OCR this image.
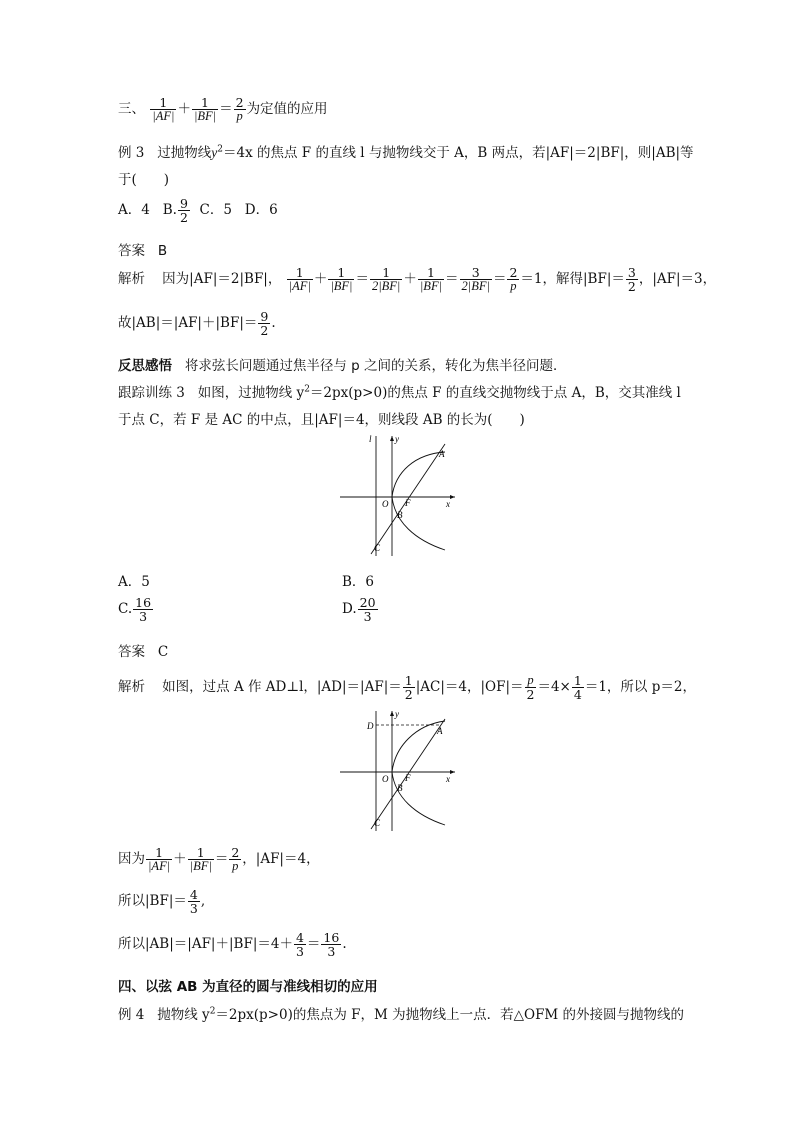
三、 $\frac{1}{|AF|} + \frac{1}{|BF|} = \frac{2}{p}$ 为定值的应用
例 3 过抛物线$y^2=4x$ 的焦点 F 的直线 l 与抛物线交于 A，B 两点，若|AF|＝2|BF|，则|AB|等
于(　　)
A．4 B. $\frac{9}{2}$ C．5 D．6
答案 B
解析 因为|AF|＝2|BF|， $\frac{1}{|AF|} + \frac{1}{|BF|} = \frac{1}{2|BF|} + \frac{1}{|BF|} = \frac{3}{2|BF|} = \frac{2}{p} =1$，解得$|BF|= \frac{3}{2}$ ，|AF|＝3，
故$|AB|=|AF|+|BF|= \frac{9}{2}$ .
反思感悟 将求弦长问题通过焦半径与 p 之间的关系，转化为焦半径问题．
跟踪训练 3 如图，过抛物线 $y^2=2px(p>0)$的焦点 F 的直线交抛物线于点 A，B，交其准线 l
于点 C，若 F 是 AC 的中点，且|AF|＝4，则线段 AB 的长为(　　)
l	y
x
O F
A
B
C
A．5	B．6
C. $\frac{16}{3}$	D. $\frac{20}{3}$
答案 C
解析 如图，过点 A 作 AD⊥l，$|AD|=|AF|= \frac{1}{2} |AC|=4$，$|OF|= \frac{p}{2} =4\times \frac{1}{4} =1$，所以 p＝2，
D
y
x
O F
A
B
C
因为 $\frac{1}{|AF|} + \frac{1}{|BF|} = \frac{2}{p}$ ，|AF|＝4，
所以$|BF|= \frac{4}{3}$ ,
所以$|AB|=|AF|+|BF|=4+ \frac{4}{3} = \frac{16}{3}$ .
四、以弦 AB 为直径的圆与准线相切的应用
例 4 抛物线 $y^2=2px(p>0)$的焦点为 F，M 为抛物线上一点．若△OFM 的外接圆与抛物线的
